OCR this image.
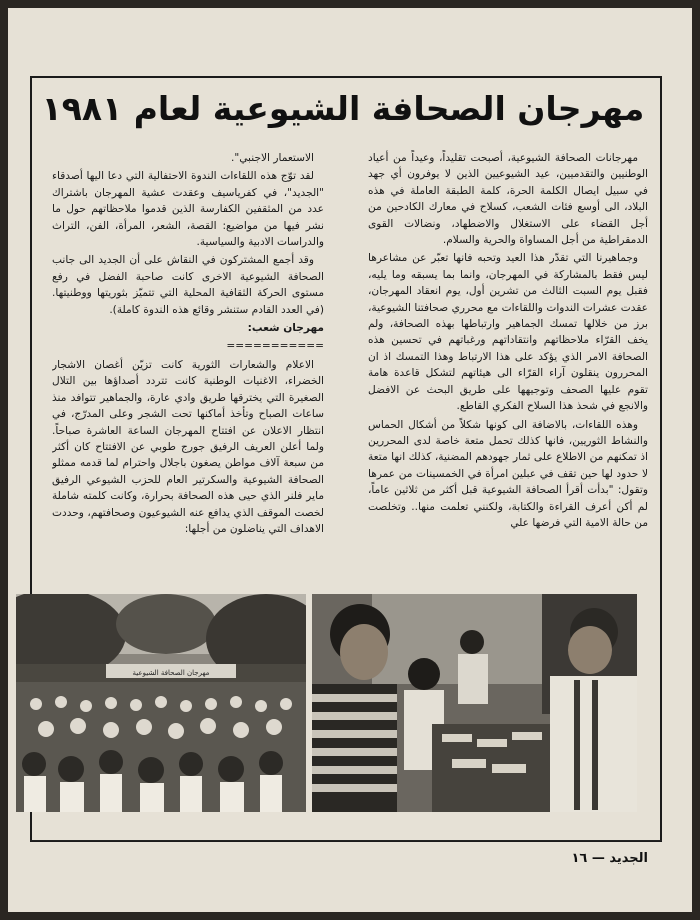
مهرجان الصحافة الشيوعية لعام ١٩٨١

مهرجانات الصحافة الشيوعية، أصبحت تقليداً، وعيداً من أعياد الوطنيين والتقدميين، عيد الشيوعيين الذين لا يوفرون أي جهد في سبيل ايصال الكلمة الحرة، كلمة الطبقة العاملة في هذه البلاد، الى أوسع فئات الشعب، كسلاح في معارك الكادحين من أجل القضاء على الاستغلال والاضطهاد، ونضالات القوى الدمقراطية من أجل المساواة والحرية والسلام.

وجماهيرنا التي تقدّر هذا العيد وتحبه فانها تعبّر عن مشاعرها ليس فقط بالمشاركة في المهرجان، وانما بما يسبقه وما يليه، فقبل يوم السبت الثالث من تشرين أول، يوم انعقاد المهرجان، عقدت عشرات الندوات واللقاءات مع محرري صحافتنا الشيوعية، برز من خلالها تمسك الجماهير وارتباطها بهذه الصحافة، ولم يخف القرّاء ملاحظاتهم وانتقاداتهم ورغباتهم في تحسين هذه الصحافة الامر الذي يؤكد على هذا الارتباط وهذا التمسك اذ ان المحررون ينقلون آراء القرّاء الى هيئاتهم لتشكل قاعدة هامة تقوم عليها الصحف وتوجيهها على طريق البحث عن الافضل والانجع في شحذ هذا السلاح الفكري القاطع.

وهذه اللقاءات، بالاضافة الى كونها شكلاً من أشكال الحماس والنشاط الثوريين، فانها كذلك تحمل متعة خاصة لدى المحررين اذ تمكنهم من الاطلاع على ثمار جهودهم المضنية، كذلك انها متعة لا حدود لها حين تقف في عبلين امرأة في الخمسينات من عمرها وتقول: "بدأت أقرأ الصحافة الشيوعية قبل أكثر من ثلاثين عاماً، لم أكن أعرف القراءة والكتابة، ولكنني تعلمت منها.. وتخلصت من حالة الامية التي فرضها علي

الاستعمار الاجنبي".

لقد توّج هذه اللقاءات الندوة الاحتفالية التي دعا اليها أصدقاء "الجديد"، في كفرياسيف وعقدت عشية المهرجان باشتراك عدد من المثقفين الكفارسة الذين قدموا ملاحظاتهم حول ما نشر فيها من مواضيع: القصة، الشعر، المرأة، الفن، التراث والدراسات الادبية والسياسية.

وقد أجمع المشتركون في النقاش على أن الجديد الى جانب الصحافة الشيوعية الاخرى كانت صاحبة الفضل في رفع مستوى الحركة الثقافية المحلية التي تتميّز بثوريتها ووطنيتها. (في العدد القادم ستنشر وقائع هذه الندوة كاملة).

مهرجان شعب:

===========

الاعلام والشعارات الثورية كانت تزيّن أغصان الاشجار الخضراء، الاغنيات الوطنية كانت تتردد أصداؤها بين التلال الصغيرة التي يخترقها طريق وادي عارة، والجماهير تتوافد منذ ساعات الصباح وتأخذ أماكنها تحت الشجر وعلى المدرّج، في انتظار الاعلان عن افتتاح المهرجان الساعة العاشرة صباحاً. ولما أعلن العريف الرفيق جورج طوبي عن الافتتاح كان أكثر من سبعة آلاف مواطن يصغون باجلال واحترام لما قدمه ممثلو الصحافة الشيوعية والسكرتير العام للحزب الشيوعي الرفيق ماير فلنر الذي حيى هذه الصحافة بحرارة، وكانت كلمته شاملة لخصت الموقف الذي يدافع عنه الشيوعيون وصحافتهم، وحددت الاهداف التي يناضلون من أجلها:

مهرجان الصحافة الشيوعية
الجديد — ١٦
